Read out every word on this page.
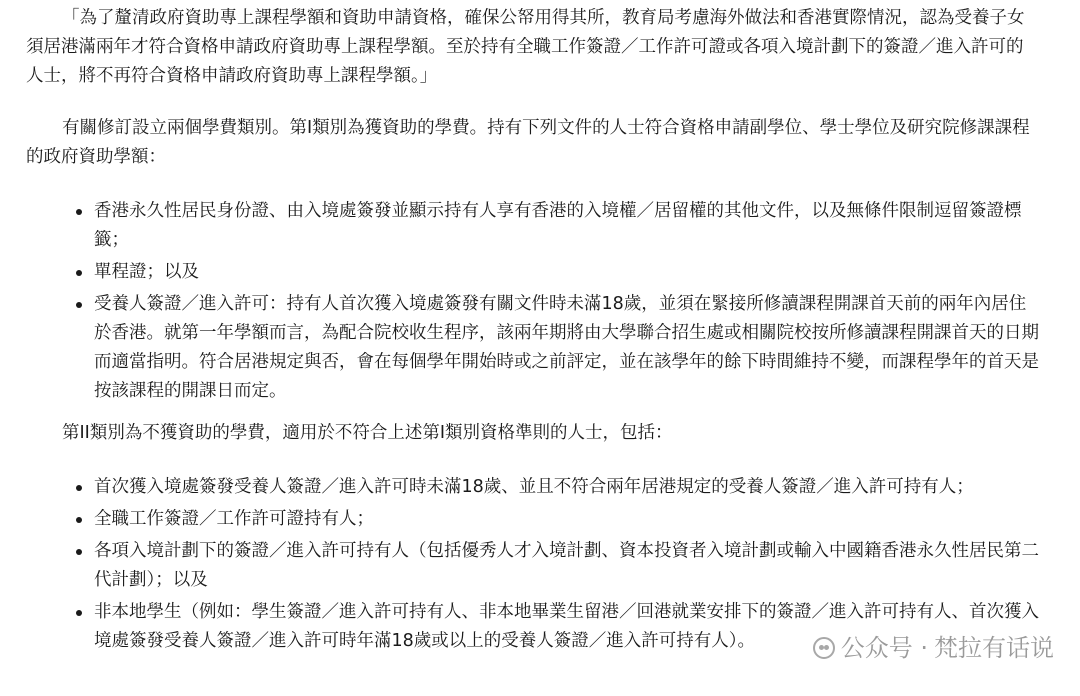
「為了釐清政府資助專上課程學額和資助申請資格，確保公帑用得其所，教育局考慮海外做法和香港實際情況，認為受養子女須居港滿兩年才符合資格申請政府資助專上課程學額。至於持有全職工作簽證／工作許可證或各項入境計劃下的簽證／進入許可的人士，將不再符合資格申請政府資助專上課程學額。」

有關修訂設立兩個學費類別。第I類別為獲資助的學費。持有下列文件的人士符合資格申請副學位、學士學位及研究院修課課程的政府資助學額：

香港永久性居民身份證、由入境處簽發並顯示持有人享有香港的入境權／居留權的其他文件，以及無條件限制逗留簽證標籤；
單程證；以及
受養人簽證／進入許可：持有人首次獲入境處簽發有關文件時未滿18歲，並須在緊接所修讀課程開課首天前的兩年內居住於香港。就第一年學額而言，為配合院校收生程序，該兩年期將由大學聯合招生處或相關院校按所修讀課程開課首天的日期而適當指明。符合居港規定與否，會在每個學年開始時或之前評定，並在該學年的餘下時間維持不變，而課程學年的首天是按該課程的開課日而定。

第II類別為不獲資助的學費，適用於不符合上述第I類別資格準則的人士，包括：

首次獲入境處簽發受養人簽證／進入許可時未滿18歲、並且不符合兩年居港規定的受養人簽證／進入許可持有人；
全職工作簽證／工作許可證持有人；
各項入境計劃下的簽證／進入許可持有人（包括優秀人才入境計劃、資本投資者入境計劃或輸入中國籍香港永久性居民第二代計劃）；以及
非本地學生（例如：學生簽證／進入許可持有人、非本地畢業生留港／回港就業安排下的簽證／進入許可持有人、首次獲入境處簽發受養人簽證／進入許可時年滿18歲或以上的受養人簽證／進入許可持有人）。	公众号 · 梵拉有话说
